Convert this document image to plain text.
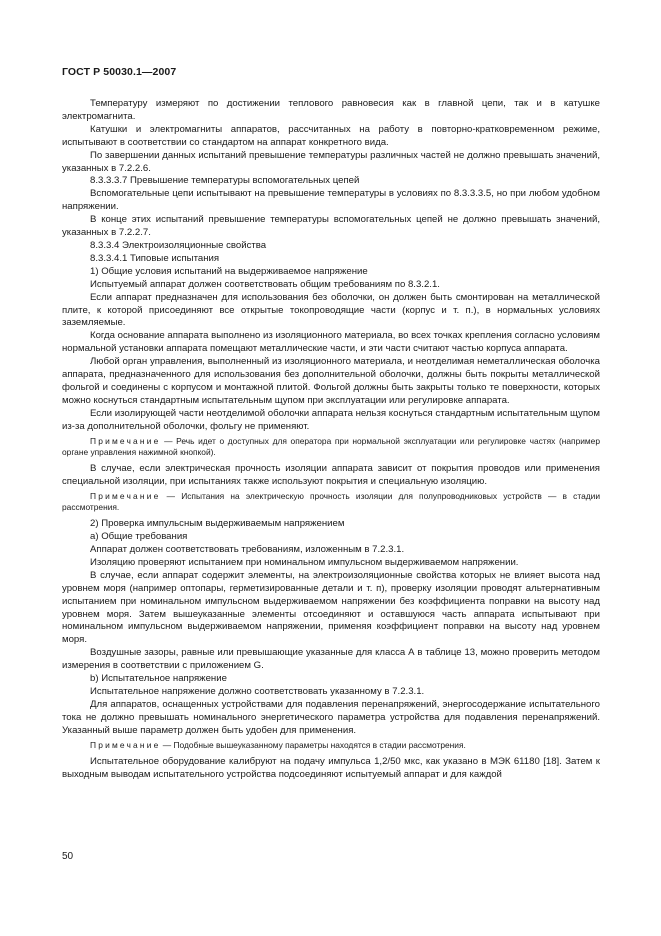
ГОСТ Р 50030.1—2007

Температуру измеряют по достижении теплового равновесия как в главной цепи, так и в катушке электромагнита.

Катушки и электромагниты аппаратов, рассчитанных на работу в повторно-кратковременном режиме, испытывают в соответствии со стандартом на аппарат конкретного вида.

По завершении данных испытаний превышение температуры различных частей не должно превышать значений, указанных в 7.2.2.6.

8.3.3.3.7 Превышение температуры вспомогательных цепей

Вспомогательные цепи испытывают на превышение температуры в условиях по 8.3.3.3.5, но при любом удобном напряжении.

В конце этих испытаний превышение температуры вспомогательных цепей не должно превышать значений, указанных в 7.2.2.7.

8.3.3.4 Электроизоляционные свойства

8.3.3.4.1 Типовые испытания

1) Общие условия испытаний на выдерживаемое напряжение

Испытуемый аппарат должен соответствовать общим требованиям по 8.3.2.1.

Если аппарат предназначен для использования без оболочки, он должен быть смонтирован на металлической плите, к которой присоединяют все открытые токопроводящие части (корпус и т. п.), в нормальных условиях заземляемые.

Когда основание аппарата выполнено из изоляционного материала, во всех точках крепления согласно условиям нормальной установки аппарата помещают металлические части, и эти части считают частью корпуса аппарата.

Любой орган управления, выполненный из изоляционного материала, и неотделимая неметаллическая оболочка аппарата, предназначенного для использования без дополнительной оболочки, должны быть покрыты металлической фольгой и соединены с корпусом и монтажной плитой. Фольгой должны быть закрыты только те поверхности, которых можно коснуться стандартным испытательным щупом при эксплуатации или регулировке аппарата.

Если изолирующей части неотделимой оболочки аппарата нельзя коснуться стандартным испытательным щупом из-за дополнительной оболочки, фольгу не применяют.

Примечание — Речь идет о доступных для оператора при нормальной эксплуатации или регулировке частях (например органе управления нажимной кнопкой).

В случае, если электрическая прочность изоляции аппарата зависит от покрытия проводов или применения специальной изоляции, при испытаниях также используют покрытия и специальную изоляцию.

Примечание — Испытания на электрическую прочность изоляции для полупроводниковых устройств — в стадии рассмотрения.

2) Проверка импульсным выдерживаемым напряжением

а) Общие требования

Аппарат должен соответствовать требованиям, изложенным в 7.2.3.1.

Изоляцию проверяют испытанием при номинальном импульсном выдерживаемом напряжении.

В случае, если аппарат содержит элементы, на электроизоляционные свойства которых не влияет высота над уровнем моря (например оптопары, герметизированные детали и т. п), проверку изоляции проводят альтернативным испытанием при номинальном импульсном выдерживаемом напряжении без коэффициента поправки на высоту над уровнем моря. Затем вышеуказанные элементы отсоединяют и оставшуюся часть аппарата испытывают при номинальном импульсном выдерживаемом напряжении, применяя коэффициент поправки на высоту над уровнем моря.

Воздушные зазоры, равные или превышающие указанные для класса А в таблице 13, можно проверить методом измерения в соответствии с приложением G.

b) Испытательное напряжение

Испытательное напряжение должно соответствовать указанному в 7.2.3.1.

Для аппаратов, оснащенных устройствами для подавления перенапряжений, энергосодержание испытательного тока не должно превышать номинального энергетического параметра устройства для подавления перенапряжений. Указанный выше параметр должен быть удобен для применения.

Примечание — Подобные вышеуказанному параметры находятся в стадии рассмотрения.

Испытательное оборудование калибруют на подачу импульса 1,2/50 мкс, как указано в МЭК 61180 [18]. Затем к выходным выводам испытательного устройства подсоединяют испытуемый аппарат и для каждой

50
